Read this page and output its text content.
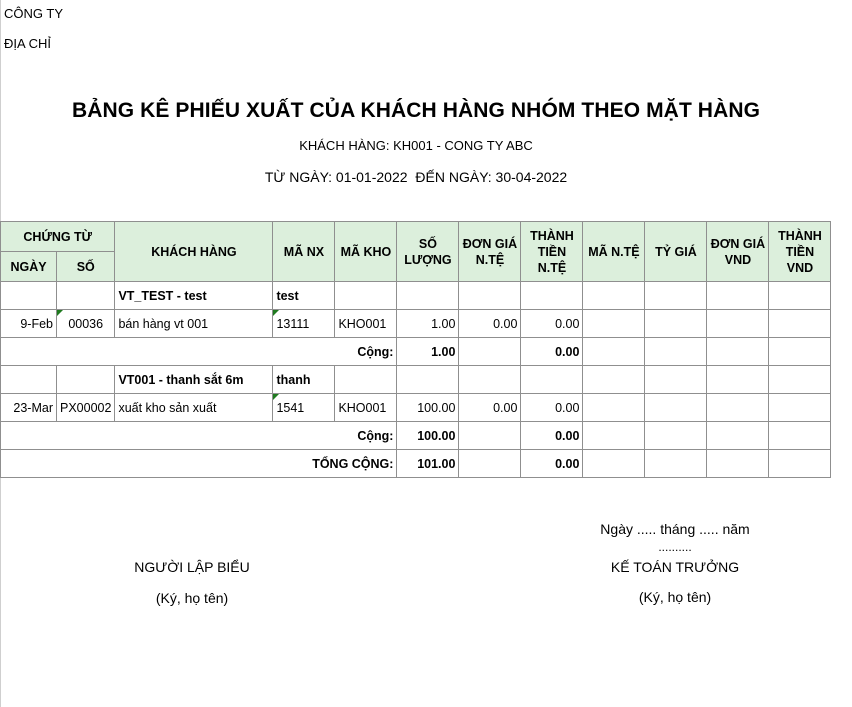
CÔNG TY
ĐỊA CHỈ
BẢNG KÊ PHIẾU XUẤT CỦA KHÁCH HÀNG NHÓM THEO MẶT HÀNG
KHÁCH HÀNG: KH001 - CONG TY ABC
TỪ NGÀY: 01-01-2022 ĐẾN NGÀY: 30-04-2022
CHỨNG TỪ		KHÁCH HÀNG	MÃ NX	MÃ KHO	SỐ LƯỢNG	ĐƠN GIÁ N.TỆ	THÀNH TIỀN N.TỆ	MÃ N.TỆ	TỶ GIÁ	ĐƠN GIÁ VND	THÀNH TIỀN VND
NGÀY	SỐ										
		VT_TEST - test	test								
9-Feb	00036	bán hàng vt 001	13111	KHO001	1.00	0.00	0.00				
Cộng:					1.00		0.00				
		VT001 - thanh sắt 6m	thanh								
23-Mar	PX00002	xuất kho sản xuất	1541	KHO001	100.00	0.00	0.00				
Cộng:					100.00		0.00				
TỔNG CỘNG:					101.00		0.00				
Ngày ..... tháng ..... năm
..........
NGƯỜI LẬP BIỂU
(Ký, họ tên)
KẾ TOÁN TRƯỞNG
(Ký, họ tên)
